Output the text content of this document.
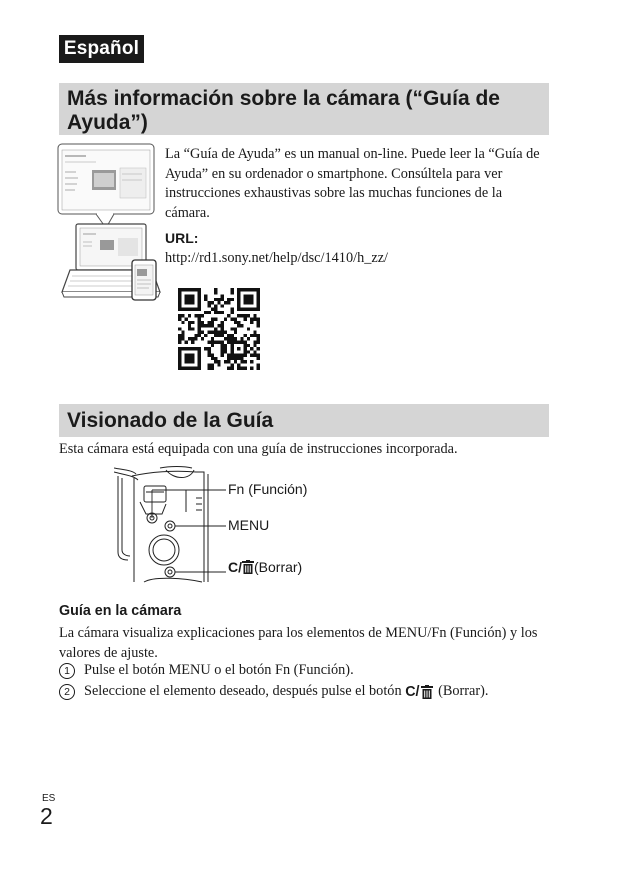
Español
Más información sobre la cámara (“Guía de Ayuda”)
La “Guía de Ayuda” es un manual on-line. Puede leer la “Guía de Ayuda” en su ordenador o smartphone. Consúltela para ver instrucciones exhaustivas sobre las muchas funciones de la cámara.
URL:
http://rd1.sony.net/help/dsc/1410/h_zz/
Visionado de la Guía
Esta cámara está equipada con una guía de instrucciones incorporada.
Fn (Función)
MENU
C/ (Borrar)
Guía en la cámara
La cámara visualiza explicaciones para los elementos de MENU/Fn (Función) y los valores de ajuste.
1 Pulse el botón MENU o el botón Fn (Función).
2 Seleccione el elemento deseado, después pulse el botón C/ (Borrar).
ES
2
